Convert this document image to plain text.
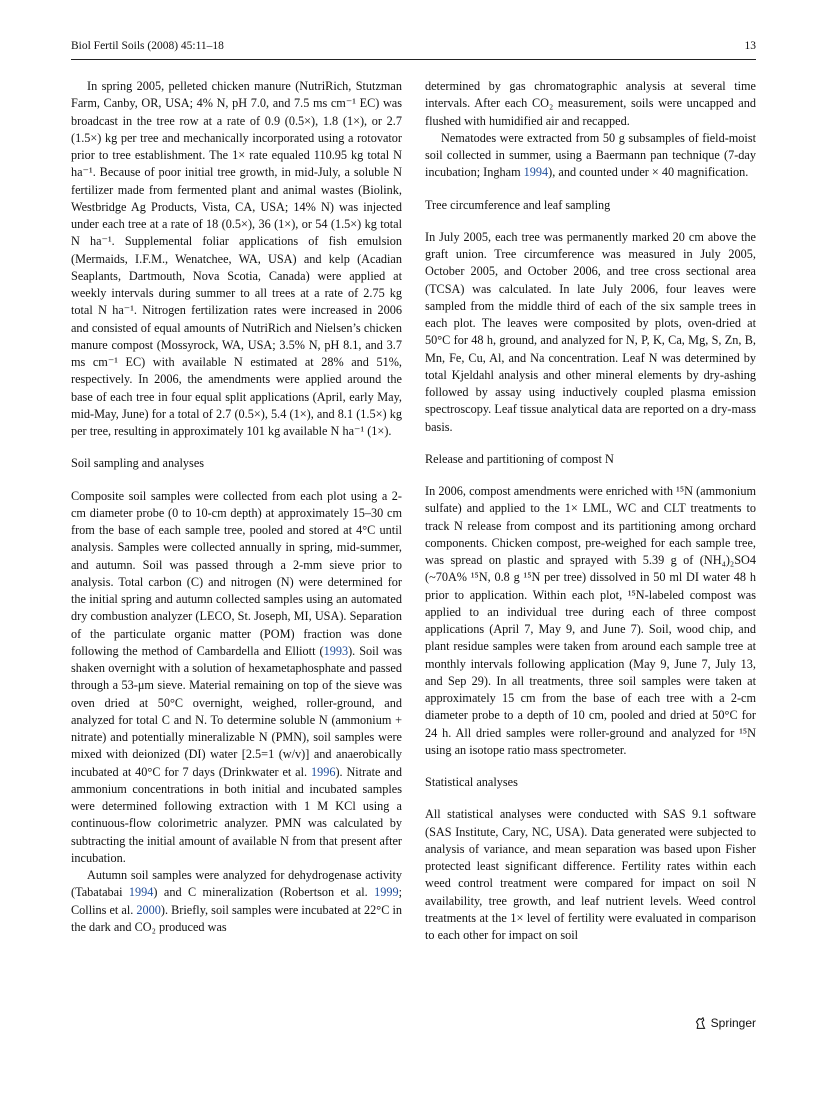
Biol Fertil Soils (2008) 45:11–18	13

In spring 2005, pelleted chicken manure (NutriRich, Stutzman Farm, Canby, OR, USA; 4% N, pH 7.0, and 7.5 ms cm⁻¹ EC) was broadcast in the tree row at a rate of 0.9 (0.5×), 1.8 (1×), or 2.7 (1.5×) kg per tree and mechanically incorporated using a rotovator prior to tree establishment. The 1× rate equaled 110.95 kg total N ha⁻¹. Because of poor initial tree growth, in mid-July, a soluble N fertilizer made from fermented plant and animal wastes (Biolink, Westbridge Ag Products, Vista, CA, USA; 14% N) was injected under each tree at a rate of 18 (0.5×), 36 (1×), or 54 (1.5×) kg total N ha⁻¹. Supplemental foliar applications of fish emulsion (Mermaids, I.F.M., Wenatchee, WA, USA) and kelp (Acadian Seaplants, Dartmouth, Nova Scotia, Canada) were applied at weekly intervals during summer to all trees at a rate of 2.75 kg total N ha⁻¹. Nitrogen fertilization rates were increased in 2006 and consisted of equal amounts of NutriRich and Nielsen’s chicken manure compost (Mossyrock, WA, USA; 3.5% N, pH 8.1, and 3.7 ms cm⁻¹ EC) with available N estimated at 28% and 51%, respectively. In 2006, the amendments were applied around the base of each tree in four equal split applications (April, early May, mid-May, June) for a total of 2.7 (0.5×), 5.4 (1×), and 8.1 (1.5×) kg per tree, resulting in approximately 101 kg available N ha⁻¹ (1×).

Soil sampling and analyses

Composite soil samples were collected from each plot using a 2-cm diameter probe (0 to 10-cm depth) at approximately 15–30 cm from the base of each sample tree, pooled and stored at 4°C until analysis. Samples were collected annually in spring, mid-summer, and autumn. Soil was passed through a 2-mm sieve prior to analysis. Total carbon (C) and nitrogen (N) were determined for the initial spring and autumn collected samples using an automated dry combustion analyzer (LECO, St. Joseph, MI, USA). Separation of the particulate organic matter (POM) fraction was done following the method of Cambardella and Elliott (1993). Soil was shaken overnight with a solution of hexametaphosphate and passed through a 53-μm sieve. Material remaining on top of the sieve was oven dried at 50°C overnight, weighed, roller-ground, and analyzed for total C and N. To determine soluble N (ammonium + nitrate) and potentially mineralizable N (PMN), soil samples were mixed with deionized (DI) water [2.5=1 (w/v)] and anaerobically incubated at 40°C for 7 days (Drinkwater et al. 1996). Nitrate and ammonium concentrations in both initial and incubated samples were determined following extraction with 1 M KCl using a continuous-flow colorimetric analyzer. PMN was calculated by subtracting the initial amount of available N from that present after incubation.

Autumn soil samples were analyzed for dehydrogenase activity (Tabatabai 1994) and C mineralization (Robertson et al. 1999; Collins et al. 2000). Briefly, soil samples were incubated at 22°C in the dark and CO₂ produced was

determined by gas chromatographic analysis at several time intervals. After each CO₂ measurement, soils were uncapped and flushed with humidified air and recapped.

Nematodes were extracted from 50 g subsamples of field-moist soil collected in summer, using a Baermann pan technique (7-day incubation; Ingham 1994), and counted under × 40 magnification.

Tree circumference and leaf sampling

In July 2005, each tree was permanently marked 20 cm above the graft union. Tree circumference was measured in July 2005, October 2005, and October 2006, and tree cross sectional area (TCSA) was calculated. In late July 2006, four leaves were sampled from the middle third of each of the six sample trees in each plot. The leaves were composited by plots, oven-dried at 50°C for 48 h, ground, and analyzed for N, P, K, Ca, Mg, S, Zn, B, Mn, Fe, Cu, Al, and Na concentration. Leaf N was determined by total Kjeldahl analysis and other mineral elements by dry-ashing followed by assay using inductively coupled plasma emission spectroscopy. Leaf tissue analytical data are reported on a dry-mass basis.

Release and partitioning of compost N

In 2006, compost amendments were enriched with ¹⁵N (ammonium sulfate) and applied to the 1× LML, WC and CLT treatments to track N release from compost and its partitioning among orchard components. Chicken compost, pre-weighed for each sample tree, was spread on plastic and sprayed with 5.39 g of (NH₄)₂SO4 (~70A% ¹⁵N, 0.8 g ¹⁵N per tree) dissolved in 50 ml DI water 48 h prior to application. Within each plot, ¹⁵N-labeled compost was applied to an individual tree during each of three compost applications (April 7, May 9, and June 7). Soil, wood chip, and plant residue samples were taken from around each sample tree at monthly intervals following application (May 9, June 7, July 13, and Sep 29). In all treatments, three soil samples were taken at approximately 15 cm from the base of each tree with a 2-cm diameter probe to a depth of 10 cm, pooled and dried at 50°C for 24 h. All dried samples were roller-ground and analyzed for ¹⁵N using an isotope ratio mass spectrometer.

Statistical analyses

All statistical analyses were conducted with SAS 9.1 software (SAS Institute, Cary, NC, USA). Data generated were subjected to analysis of variance, and mean separation was based upon Fisher protected least significant difference. Fertility rates within each weed control treatment were compared for impact on soil N availability, tree growth, and leaf nutrient levels. Weed control treatments at the 1× level of fertility were evaluated in comparison to each other for impact on soil

Springer
